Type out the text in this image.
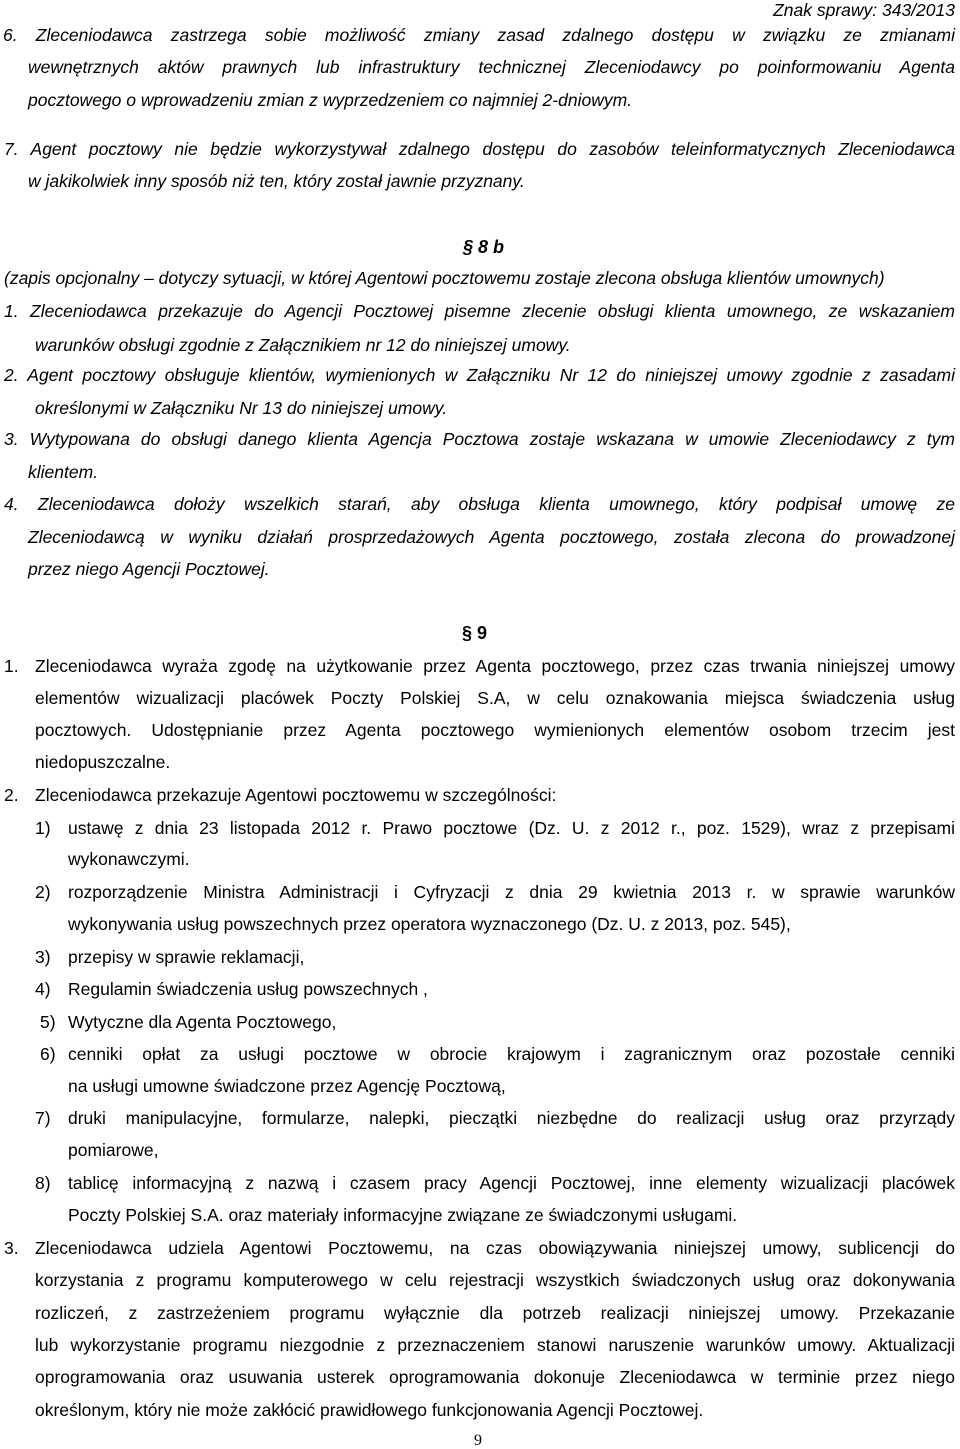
Znak sprawy: 343/2013
6. Zleceniodawca zastrzega sobie możliwość zmiany zasad zdalnego dostępu w związku ze zmianami
wewnętrznych aktów prawnych lub infrastruktury technicznej Zleceniodawcy po poinformowaniu Agenta
pocztowego o wprowadzeniu zmian z wyprzedzeniem co najmniej 2-dniowym.
7. Agent pocztowy nie będzie wykorzystywał zdalnego dostępu do zasobów teleinformatycznych Zleceniodawca
w jakikolwiek inny sposób niż ten, który został jawnie przyznany.
§ 8 b
(zapis opcjonalny – dotyczy sytuacji, w której Agentowi pocztowemu zostaje zlecona obsługa klientów umownych)
1. Zleceniodawca przekazuje do Agencji Pocztowej pisemne zlecenie obsługi klienta umownego, ze wskazaniem
warunków obsługi zgodnie z Załącznikiem nr 12 do niniejszej umowy.
2. Agent pocztowy obsługuje klientów, wymienionych w Załączniku Nr 12 do niniejszej umowy zgodnie z zasadami
określonymi w Załączniku Nr 13 do niniejszej umowy.
3. Wytypowana do obsługi danego klienta Agencja Pocztowa zostaje wskazana w umowie Zleceniodawcy z tym
klientem.
4. Zleceniodawca dołoży wszelkich starań, aby obsługa klienta umownego, który podpisał umowę ze
Zleceniodawcą w wyniku działań prosprzedażowych Agenta pocztowego, została zlecona do prowadzonej
przez niego Agencji Pocztowej.
§ 9
1. Zleceniodawca wyraża zgodę na użytkowanie przez Agenta pocztowego, przez czas trwania niniejszej umowy
elementów wizualizacji placówek Poczty Polskiej S.A, w celu oznakowania miejsca świadczenia usług
pocztowych. Udostępnianie przez Agenta pocztowego wymienionych elementów osobom trzecim jest
niedopuszczalne.
2. Zleceniodawca przekazuje Agentowi pocztowemu w szczególności:
1) ustawę z dnia 23 listopada 2012 r. Prawo pocztowe (Dz. U. z 2012 r., poz. 1529), wraz z przepisami
wykonawczymi.
2) rozporządzenie Ministra Administracji i Cyfryzacji z dnia 29 kwietnia 2013 r. w sprawie warunków
wykonywania usług powszechnych przez operatora wyznaczonego (Dz. U. z 2013, poz. 545),
3) przepisy w sprawie reklamacji,
4) Regulamin świadczenia usług powszechnych ,
5) Wytyczne dla Agenta Pocztowego,
6) cenniki opłat za usługi pocztowe w obrocie krajowym i zagranicznym oraz pozostałe cenniki
na usługi umowne świadczone przez Agencję Pocztową,
7) druki manipulacyjne, formularze, nalepki, pieczątki niezbędne do realizacji usług oraz przyrządy
pomiarowe,
8) tablicę informacyjną z nazwą i czasem pracy Agencji Pocztowej, inne elementy wizualizacji placówek
Poczty Polskiej S.A. oraz materiały informacyjne związane ze świadczonymi usługami.
3. Zleceniodawca udziela Agentowi Pocztowemu, na czas obowiązywania niniejszej umowy, sublicencji do
korzystania z programu komputerowego w celu rejestracji wszystkich świadczonych usług oraz dokonywania
rozliczeń, z zastrzeżeniem programu wyłącznie dla potrzeb realizacji niniejszej umowy. Przekazanie
lub wykorzystanie programu niezgodnie z przeznaczeniem stanowi naruszenie warunków umowy. Aktualizacji
oprogramowania oraz usuwania usterek oprogramowania dokonuje Zleceniodawca w terminie przez niego
określonym, który nie może zakłócić prawidłowego funkcjonowania Agencji Pocztowej.
9
